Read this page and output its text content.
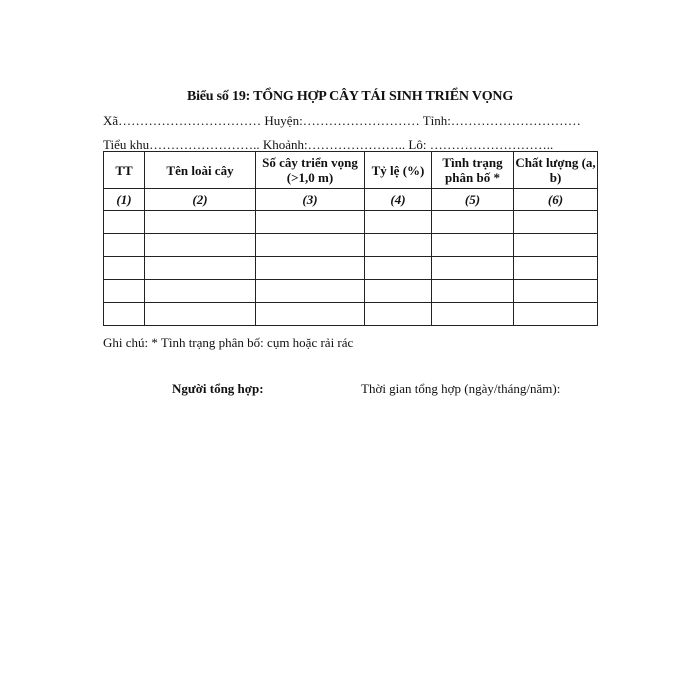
Biểu số 19: TỔNG HỢP CÂY TÁI SINH TRIỂN VỌNG
Xã…………………………… Huyện:……………………… Tỉnh:…………………………
Tiểu khu…………………….. Khoảnh:………………….. Lô: ………………………..
TT	Tên loài cây	Số cây triển vọng (>1,0 m)	Tỷ lệ (%)	Tình trạng phân bố *	Chất lượng (a, b)
(1)	(2)	(3)	(4)	(5)	(6)

Ghi chú: * Tình trạng phân bố: cụm hoặc rải rác
Người tổng hợp:	Thời gian tổng hợp (ngày/tháng/năm):
